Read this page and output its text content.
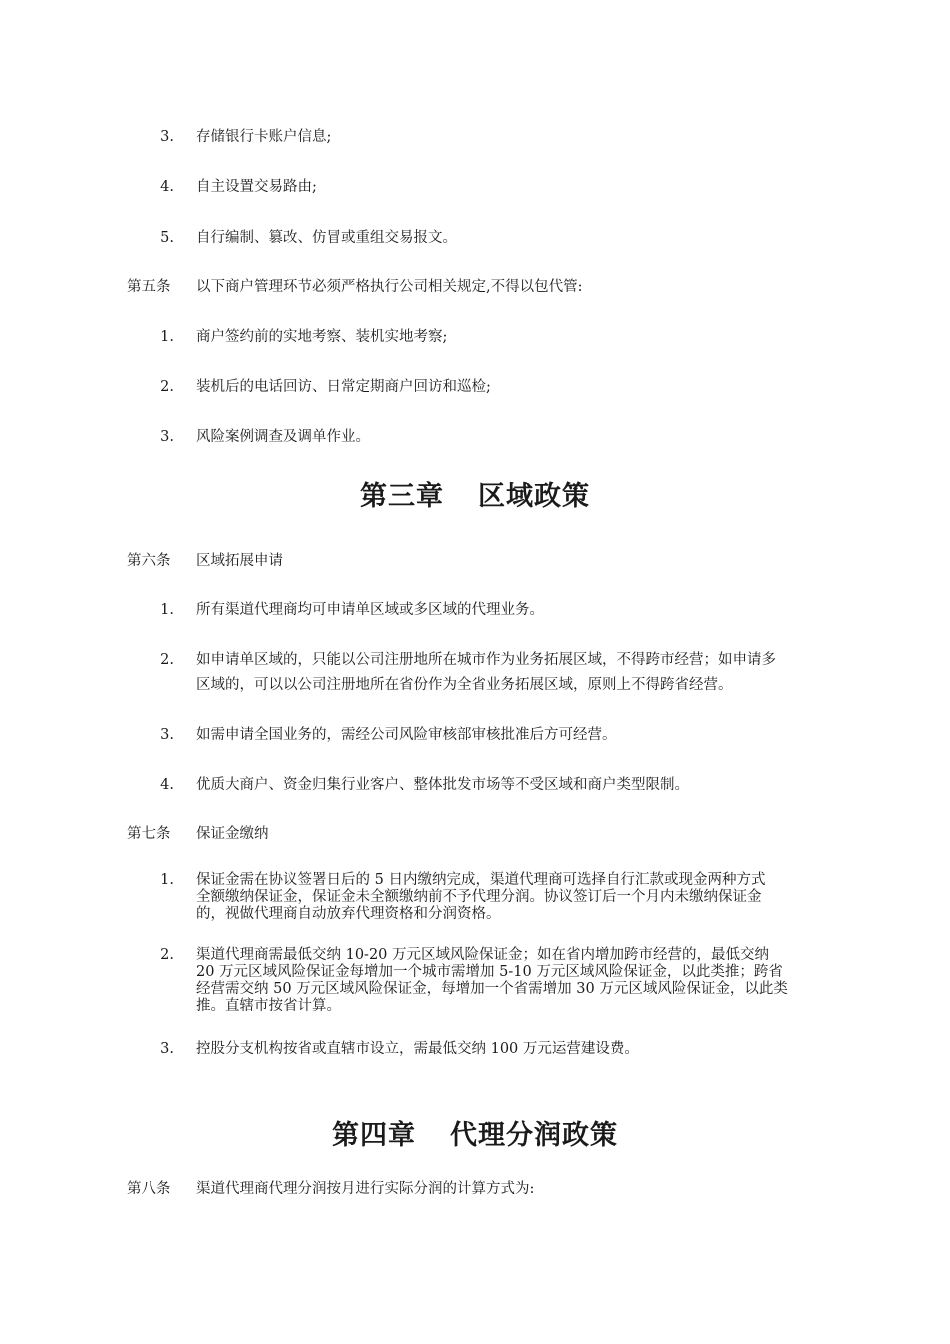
3. 存储银行卡账户信息;
4. 自主设置交易路由;
5. 自行编制、篡改、仿冒或重组交易报文。
第五条 以下商户管理环节必须严格执行公司相关规定,不得以包代管:
1. 商户签约前的实地考察、装机实地考察;
2. 装机后的电话回访、日常定期商户回访和巡检;
3. 风险案例调查及调单作业。
第三章 区域政策
第六条 区域拓展申请
1. 所有渠道代理商均可申请单区域或多区域的代理业务。
2. 如申请单区域的，只能以公司注册地所在城市作为业务拓展区域，不得跨市经营；如申请多
区域的，可以以公司注册地所在省份作为全省业务拓展区域，原则上不得跨省经营。
3. 如需申请全国业务的，需经公司风险审核部审核批准后方可经营。
4. 优质大商户、资金归集行业客户、整体批发市场等不受区域和商户类型限制。
第七条 保证金缴纳
1. 保证金需在协议签署日后的 5 日内缴纳完成，渠道代理商可选择自行汇款或现金两种方式
全额缴纳保证金，保证金未全额缴纳前不予代理分润。协议签订后一个月内未缴纳保证金
的，视做代理商自动放弃代理资格和分润资格。
2. 渠道代理商需最低交纳 10-20 万元区域风险保证金；如在省内增加跨市经营的，最低交纳
20 万元区域风险保证金每增加一个城市需增加 5-10 万元区域风险保证金，以此类推；跨省
经营需交纳 50 万元区域风险保证金，每增加一个省需增加 30 万元区域风险保证金，以此类
推。直辖市按省计算。
3. 控股分支机构按省或直辖市设立，需最低交纳 100 万元运营建设费。
第四章 代理分润政策
第八条 渠道代理商代理分润按月进行实际分润的计算方式为:
